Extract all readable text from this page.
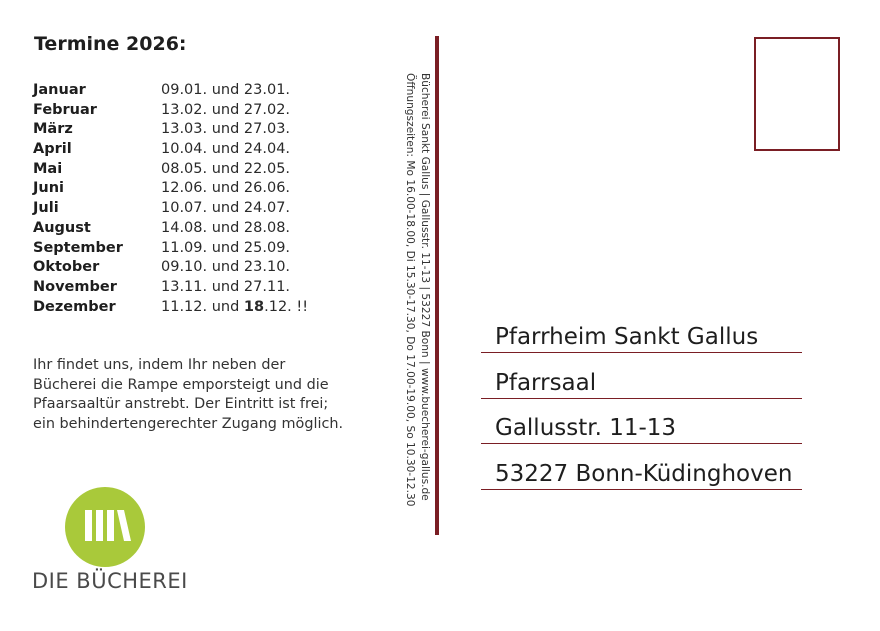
Termine 2026:
Januar	09.01. und 23.01.
Februar	13.02. und 27.02.
März	13.03. und 27.03.
April	10.04. und 24.04.
Mai	08.05. und 22.05.
Juni	12.06. und 26.06.
Juli	10.07. und 24.07.
August	14.08. und 28.08.
September	11.09. und 25.09.
Oktober	09.10. und 23.10.
November	13.11. und 27.11.
Dezember	11.12. und 18.12. !!
Ihr findet uns, indem Ihr neben der
Bücherei die Rampe emporsteigt und die
Pfaarsaaltür anstrebt. Der Eintritt ist frei;
ein behindertengerechter Zugang möglich.
DIE BÜCHEREI
Bücherei Sankt Gallus | Gallusstr. 11-13 | 53227 Bonn | www.buecherei-gallus.de
Öffnungszeiten: Mo 16.00-18.00, Di 15.30-17.30, Do 17.00-19.00, So 10.30-12.30	Pfarrheim Sankt Gallus
Pfarrsaal
Gallusstr. 11-13
53227 Bonn-Küdinghoven
